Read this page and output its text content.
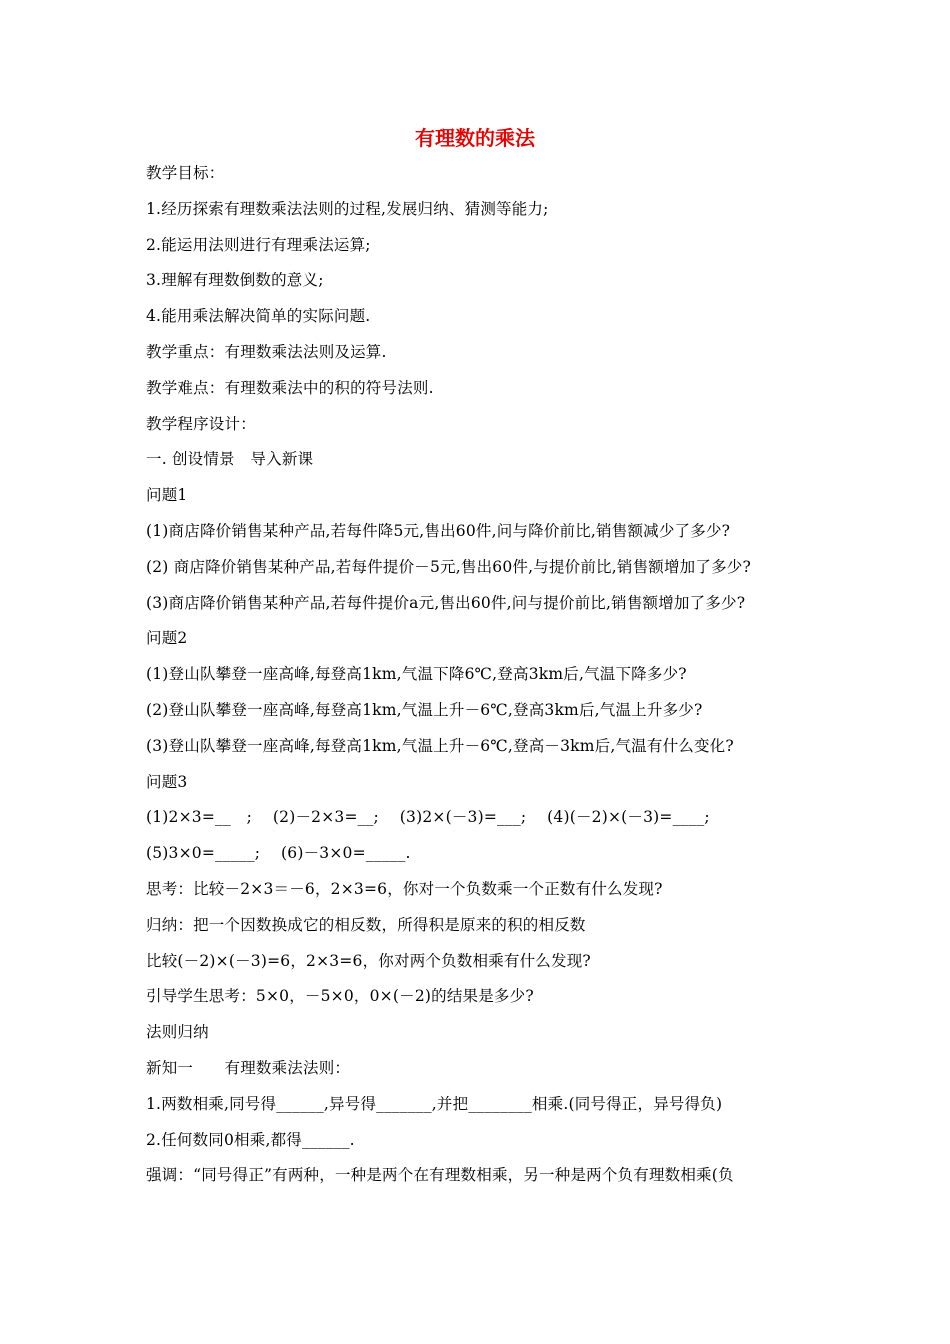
有理数的乘法
教学目标：
1.经历探索有理数乘法法则的过程,发展归纳、猜测等能力;
2.能运用法则进行有理乘法运算;
3.理解有理数倒数的意义;
4.能用乘法解决简单的实际问题.
教学重点：有理数乘法法则及运算.
教学难点：有理数乘法中的积的符号法则.
教学程序设计：
一. 创设情景　导入新课
问题1
(1)商店降价销售某种产品,若每件降5元,售出60件,问与降价前比,销售额减少了多少?
(2) 商店降价销售某种产品,若每件提价－5元,售出60件,与提价前比,销售额增加了多少?
(3)商店降价销售某种产品,若每件提价a元,售出60件,问与提价前比,销售额增加了多少?
问题2
(1)登山队攀登一座高峰,每登高1km,气温下降6℃,登高3km后,气温下降多少?
(2)登山队攀登一座高峰,每登高1km,气温上升－6℃,登高3km后,气温上升多少?
(3)登山队攀登一座高峰,每登高1km,气温上升－6℃,登高－3km后,气温有什么变化?
问题3
(1)2×3=__　;　 (2)－2×3=__;　 (3)2×(－3)=___;　 (4)(－2)×(－3)=____;
(5)3×0=_____;　 (6)－3×0=_____.
思考：比较－2×3＝－6，2×3=6，你对一个负数乘一个正数有什么发现?
归纳：把一个因数换成它的相反数，所得积是原来的积的相反数
比较(－2)×(－3)=6，2×3=6，你对两个负数相乘有什么发现?
引导学生思考：5×0，－5×0，0×(－2)的结果是多少?
法则归纳
新知一　　有理数乘法法则：
1.两数相乘,同号得______,异号得_______,并把________相乘.(同号得正，异号得负)
2.任何数同0相乘,都得______.
强调：“同号得正”有两种，一种是两个在有理数相乘，另一种是两个负有理数相乘(负
